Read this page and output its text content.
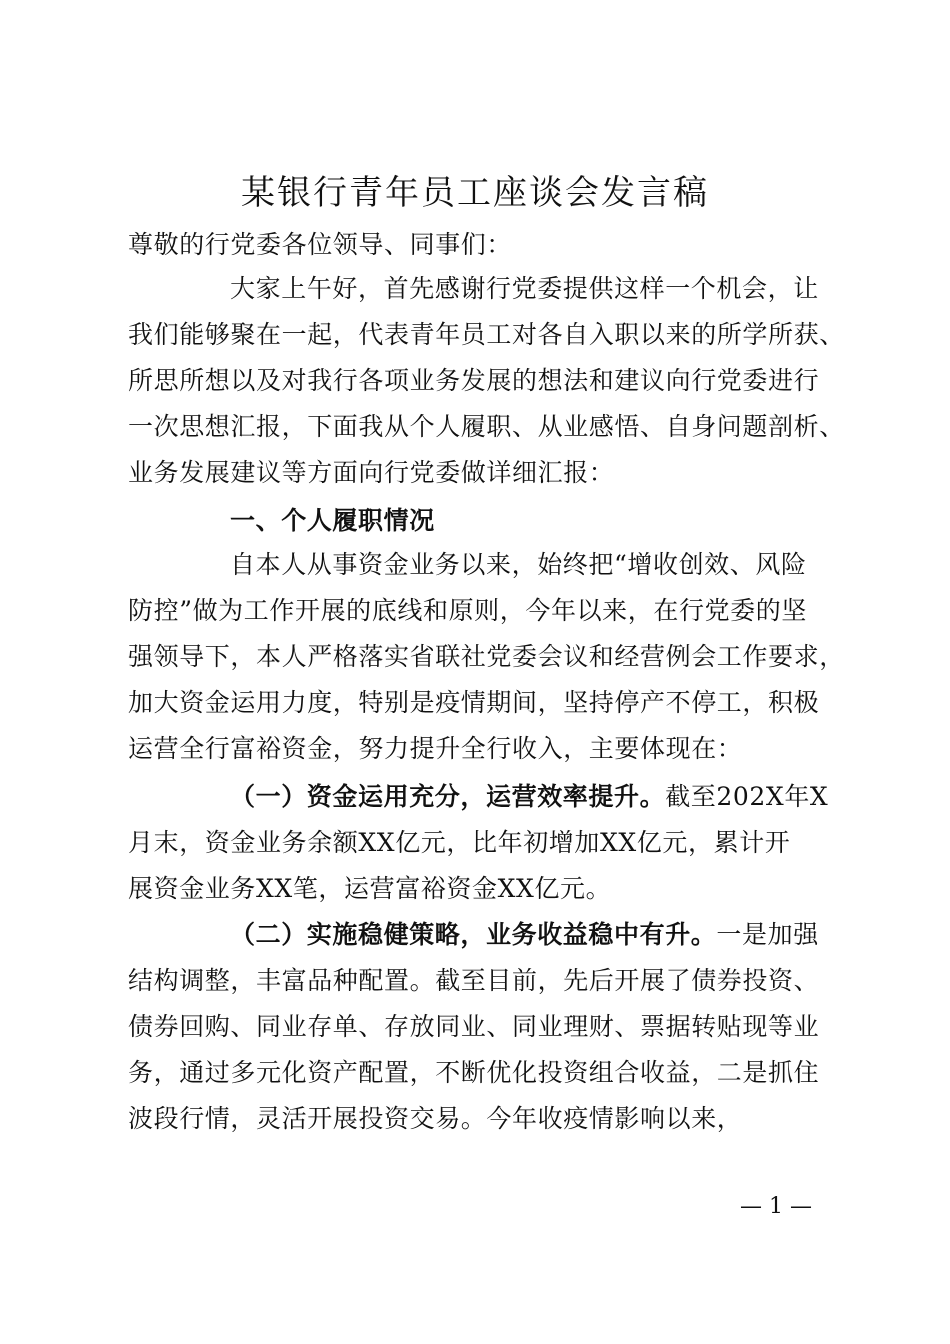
某银行青年员工座谈会发言稿
尊敬的行党委各位领导、同事们：
大家上午好，首先感谢行党委提供这样一个机会，让
我们能够聚在一起，代表青年员工对各自入职以来的所学所获、
所思所想以及对我行各项业务发展的想法和建议向行党委进行
一次思想汇报，下面我从个人履职、从业感悟、自身问题剖析、
业务发展建议等方面向行党委做详细汇报：
一、个人履职情况
自本人从事资金业务以来，始终把“增收创效、风险
防控”做为工作开展的底线和原则，今年以来，在行党委的坚
强领导下，本人严格落实省联社党委会议和经营例会工作要求，
加大资金运用力度，特别是疫情期间，坚持停产不停工，积极
运营全行富裕资金，努力提升全行收入，主要体现在：
（一）资金运用充分，运营效率提升。截至202X年X
月末，资金业务余额XX亿元，比年初增加XX亿元，累计开
展资金业务XX笔，运营富裕资金XX亿元。
（二）实施稳健策略，业务收益稳中有升。一是加强
结构调整，丰富品种配置。截至目前，先后开展了债券投资、
债券回购、同业存单、存放同业、同业理财、票据转贴现等业
务，通过多元化资产配置，不断优化投资组合收益，二是抓住
波段行情，灵活开展投资交易。今年收疫情影响以来，
— 1 —
